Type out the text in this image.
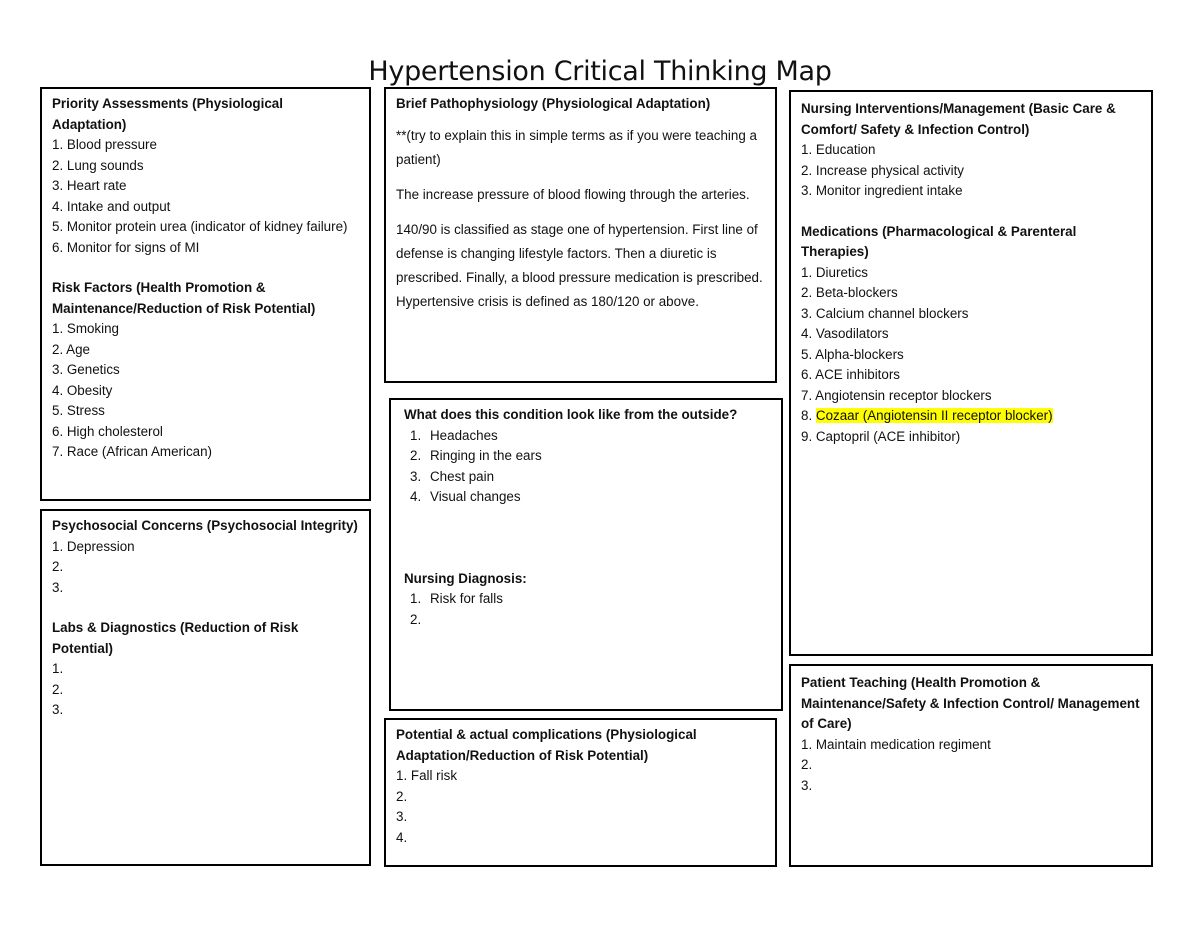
Hypertension Critical Thinking Map
Priority Assessments (Physiological Adaptation)

1. Blood pressure

2. Lung sounds

3. Heart rate

4. Intake and output

5. Monitor protein urea (indicator of kidney failure)

6. Monitor for signs of MI

Risk Factors (Health Promotion & Maintenance/Reduction of Risk Potential)

1. Smoking

2. Age

3. Genetics

4. Obesity

5. Stress

6. High cholesterol

7. Race (African American)

Psychosocial Concerns (Psychosocial Integrity)

1. Depression

2.

3.

Labs & Diagnostics (Reduction of Risk Potential)

1.

2.

3.

Brief Pathophysiology (Physiological Adaptation)

**(try to explain this in simple terms as if you were teaching a patient)

The increase pressure of blood flowing through the arteries.

140/90 is classified as stage one of hypertension. First line of defense is changing lifestyle factors. Then a diuretic is prescribed. Finally, a blood pressure medication is prescribed. Hypertensive crisis is defined as 180/120 or above.

What does this condition look like from the outside?
1. Headaches
2. Ringing in the ears
3. Chest pain
4. Visual changes
Nursing Diagnosis:
1. Risk for falls
2.
Potential & actual complications (Physiological Adaptation/Reduction of Risk Potential)

1. Fall risk

2.

3.

4.

Nursing Interventions/Management (Basic Care & Comfort/ Safety & Infection Control)

1. Education

2. Increase physical activity

3. Monitor ingredient intake

Medications (Pharmacological & Parenteral Therapies)

1. Diuretics

2. Beta-blockers

3. Calcium channel blockers

4. Vasodilators

5. Alpha-blockers

6. ACE inhibitors

7. Angiotensin receptor blockers

8. Cozaar (Angiotensin II receptor blocker)

9. Captopril (ACE inhibitor)

Patient Teaching (Health Promotion & Maintenance/Safety & Infection Control/ Management of Care)

1. Maintain medication regiment

2.

3.
